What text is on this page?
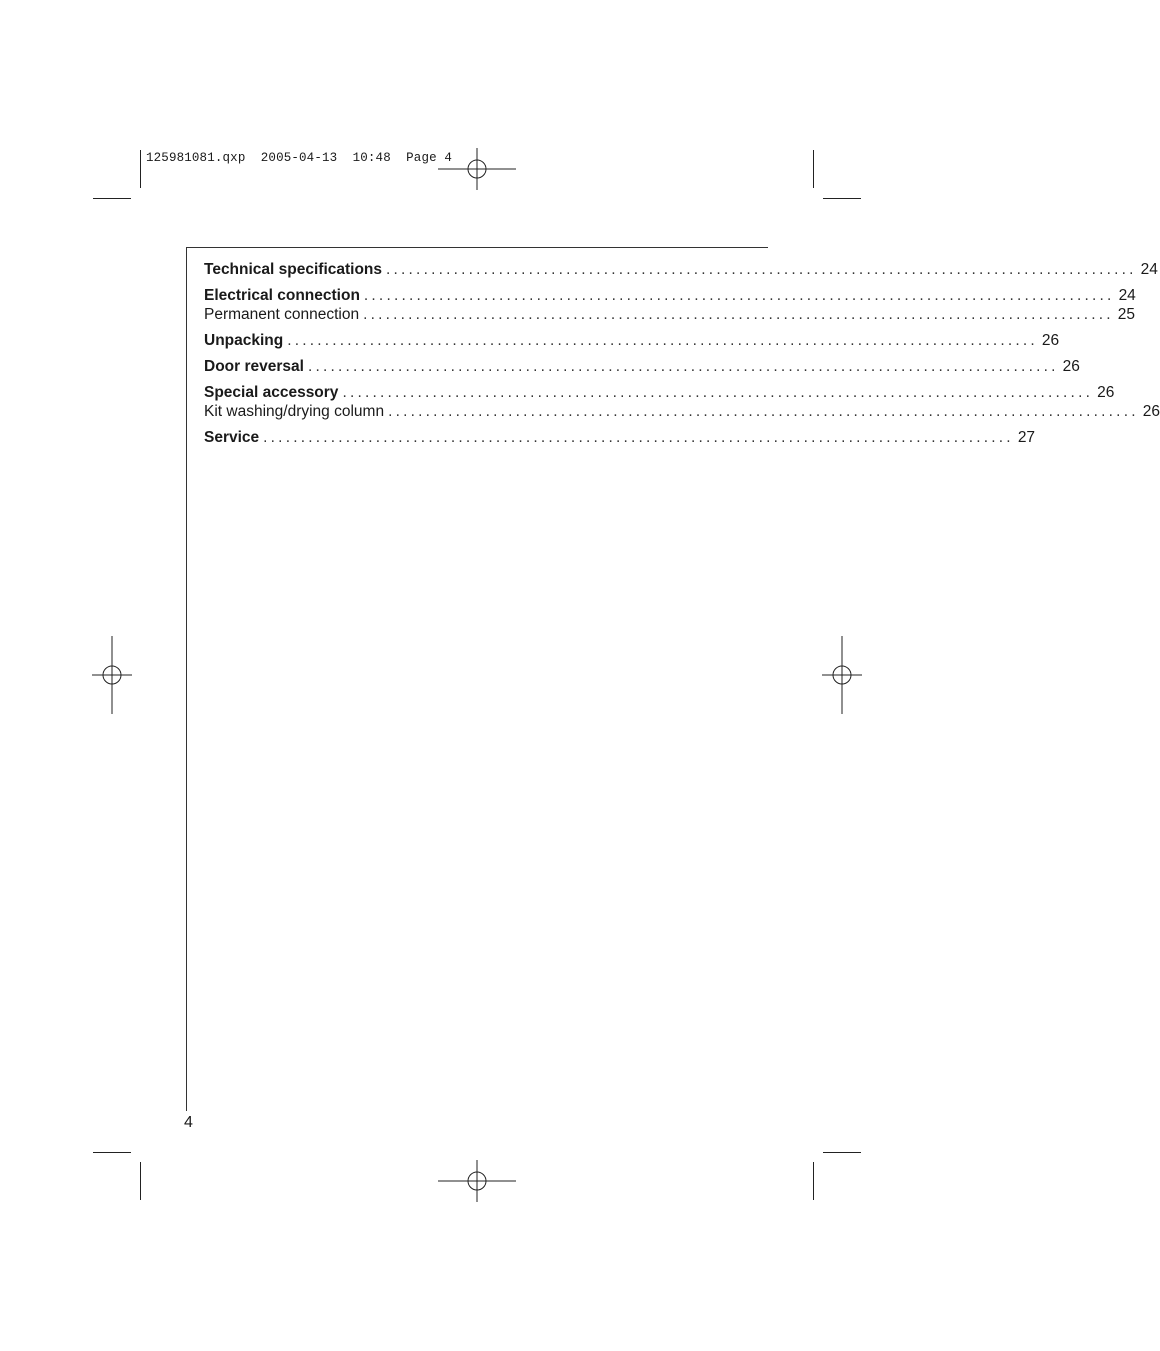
125981081.qxp  2005-04-13  10:48  Page 4
Technical specifications .................................................................................................... 24
Electrical connection .................................................................................................... 24
Permanent connection .................................................................................................... 25
Unpacking .................................................................................................... 26
Door reversal .................................................................................................... 26
Special accessory .................................................................................................... 26
Kit washing/drying column .................................................................................................... 26
Service .................................................................................................... 27
4
